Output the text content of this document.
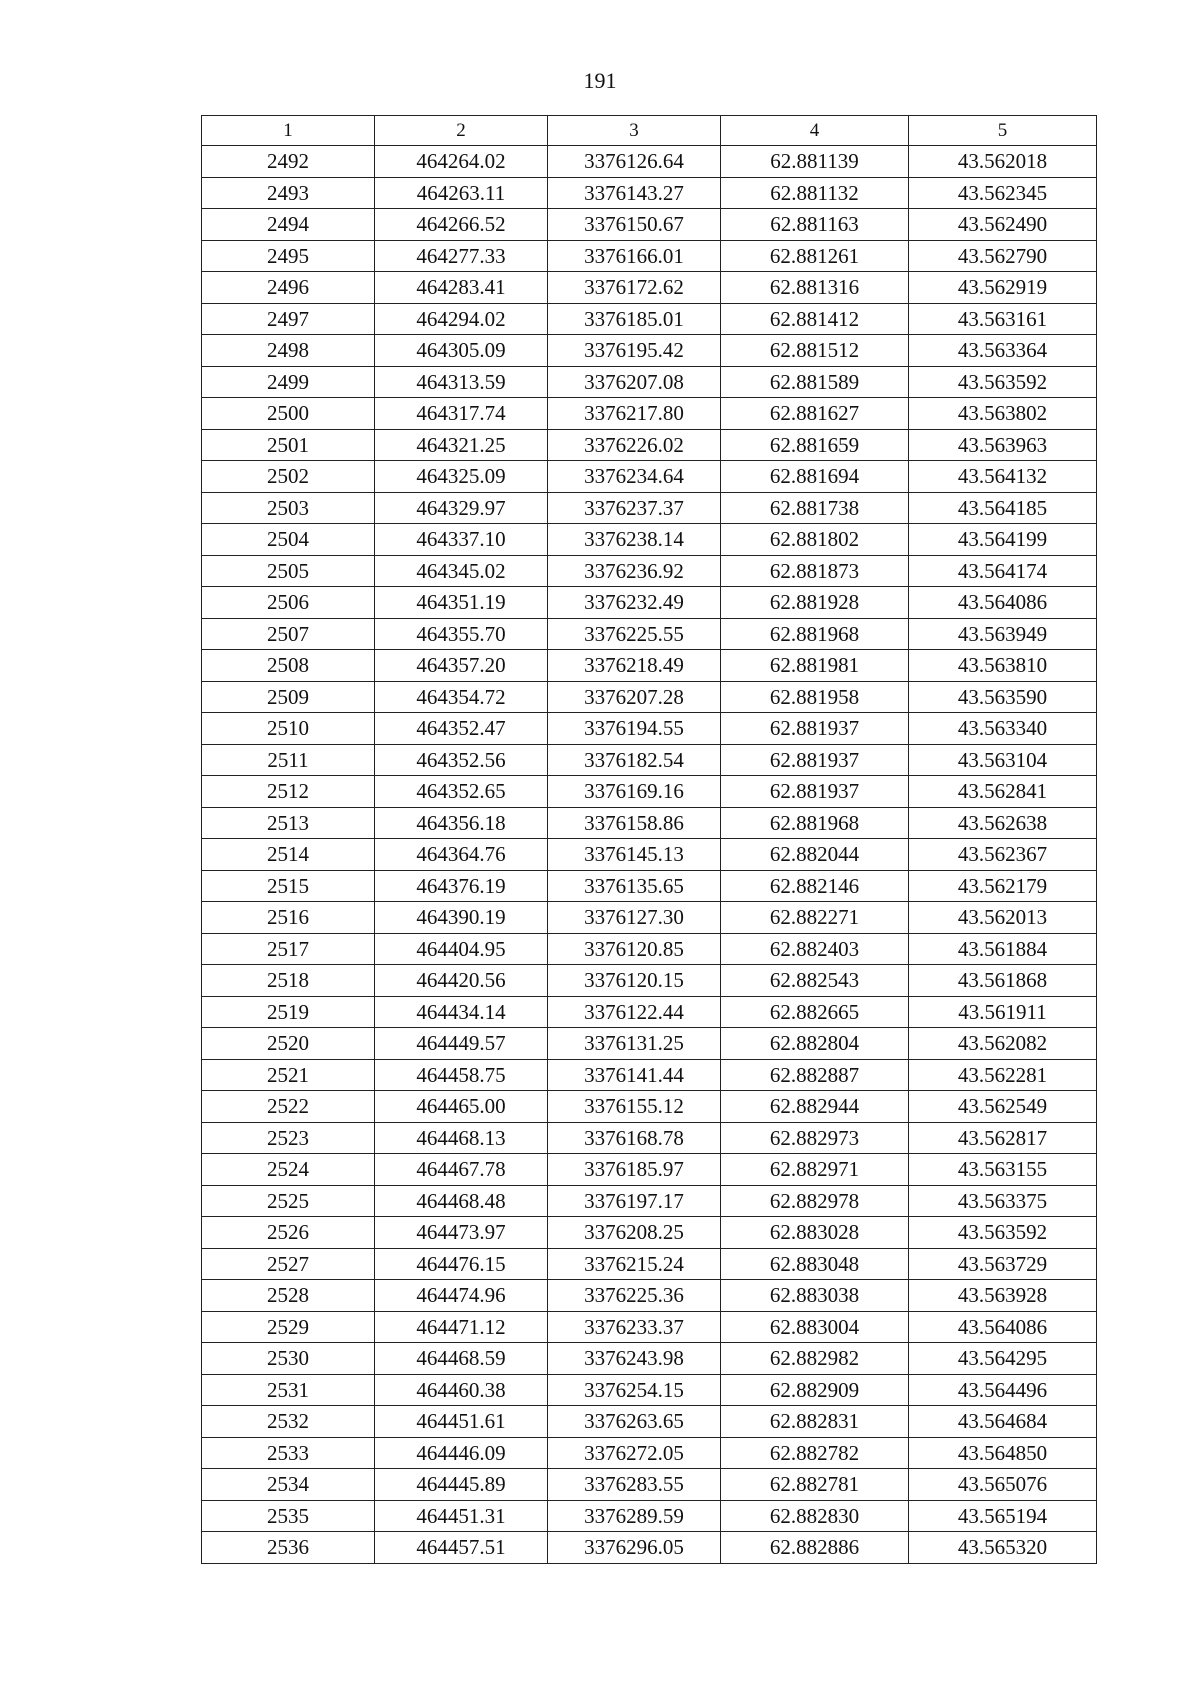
191
1	2	3	4	5
2492	464264.02	3376126.64	62.881139	43.562018
2493	464263.11	3376143.27	62.881132	43.562345
2494	464266.52	3376150.67	62.881163	43.562490
2495	464277.33	3376166.01	62.881261	43.562790
2496	464283.41	3376172.62	62.881316	43.562919
2497	464294.02	3376185.01	62.881412	43.563161
2498	464305.09	3376195.42	62.881512	43.563364
2499	464313.59	3376207.08	62.881589	43.563592
2500	464317.74	3376217.80	62.881627	43.563802
2501	464321.25	3376226.02	62.881659	43.563963
2502	464325.09	3376234.64	62.881694	43.564132
2503	464329.97	3376237.37	62.881738	43.564185
2504	464337.10	3376238.14	62.881802	43.564199
2505	464345.02	3376236.92	62.881873	43.564174
2506	464351.19	3376232.49	62.881928	43.564086
2507	464355.70	3376225.55	62.881968	43.563949
2508	464357.20	3376218.49	62.881981	43.563810
2509	464354.72	3376207.28	62.881958	43.563590
2510	464352.47	3376194.55	62.881937	43.563340
2511	464352.56	3376182.54	62.881937	43.563104
2512	464352.65	3376169.16	62.881937	43.562841
2513	464356.18	3376158.86	62.881968	43.562638
2514	464364.76	3376145.13	62.882044	43.562367
2515	464376.19	3376135.65	62.882146	43.562179
2516	464390.19	3376127.30	62.882271	43.562013
2517	464404.95	3376120.85	62.882403	43.561884
2518	464420.56	3376120.15	62.882543	43.561868
2519	464434.14	3376122.44	62.882665	43.561911
2520	464449.57	3376131.25	62.882804	43.562082
2521	464458.75	3376141.44	62.882887	43.562281
2522	464465.00	3376155.12	62.882944	43.562549
2523	464468.13	3376168.78	62.882973	43.562817
2524	464467.78	3376185.97	62.882971	43.563155
2525	464468.48	3376197.17	62.882978	43.563375
2526	464473.97	3376208.25	62.883028	43.563592
2527	464476.15	3376215.24	62.883048	43.563729
2528	464474.96	3376225.36	62.883038	43.563928
2529	464471.12	3376233.37	62.883004	43.564086
2530	464468.59	3376243.98	62.882982	43.564295
2531	464460.38	3376254.15	62.882909	43.564496
2532	464451.61	3376263.65	62.882831	43.564684
2533	464446.09	3376272.05	62.882782	43.564850
2534	464445.89	3376283.55	62.882781	43.565076
2535	464451.31	3376289.59	62.882830	43.565194
2536	464457.51	3376296.05	62.882886	43.565320
